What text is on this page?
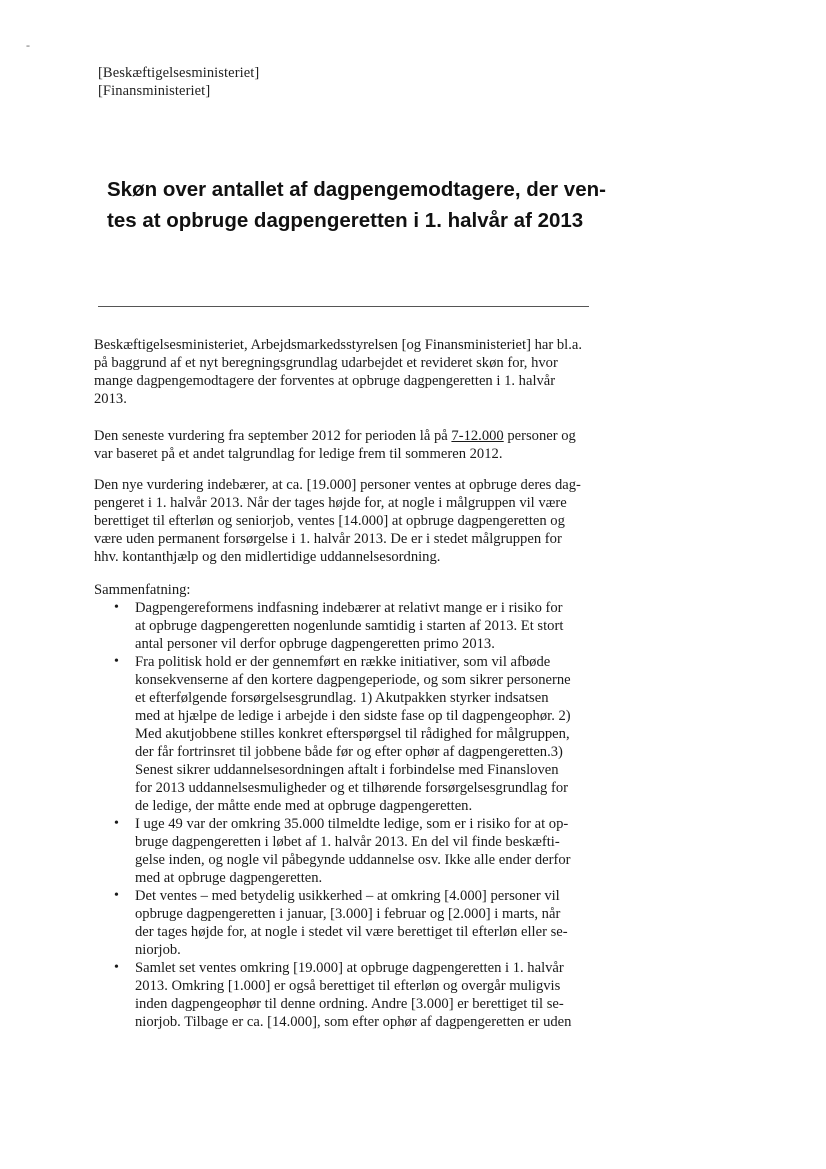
-
[Beskæftigelsesministeriet]
[Finansministeriet]
Skøn over antallet af dagpengemodtagere, der ven-
tes at opbruge dagpengeretten i 1. halvår af 2013
Beskæftigelsesministeriet, Arbejdsmarkedsstyrelsen [og Finansministeriet] har bl.a.
på baggrund af et nyt beregningsgrundlag udarbejdet et revideret skøn for, hvor
mange dagpengemodtagere der forventes at opbruge dagpengeretten i 1. halvår
2013.
Den seneste vurdering fra september 2012 for perioden lå på 7-12.000 personer og
var baseret på et andet talgrundlag for ledige frem til sommeren 2012.
Den nye vurdering indebærer, at ca. [19.000] personer ventes at opbruge deres dag-
pengeret i 1. halvår 2013. Når der tages højde for, at nogle i målgruppen vil være
berettiget til efterløn og seniorjob, ventes [14.000] at opbruge dagpengeretten og
være uden permanent forsørgelse i 1. halvår 2013. De er i stedet målgruppen for
hhv. kontanthjælp og den midlertidige uddannelsesordning.
Sammenfatning:
• Dagpengereformens indfasning indebærer at relativt mange er i risiko for
at opbruge dagpengeretten nogenlunde samtidig i starten af 2013. Et stort
antal personer vil derfor opbruge dagpengeretten primo 2013.
• Fra politisk hold er der gennemført en række initiativer, som vil afbøde
konsekvenserne af den kortere dagpengeperiode, og som sikrer personerne
et efterfølgende forsørgelsesgrundlag. 1) Akutpakken styrker indsatsen
med at hjælpe de ledige i arbejde i den sidste fase op til dagpengeophør. 2)
Med akutjobbene stilles konkret efterspørgsel til rådighed for målgruppen,
der får fortrinsret til jobbene både før og efter ophør af dagpengeretten.3)
Senest sikrer uddannelsesordningen aftalt i forbindelse med Finansloven
for 2013 uddannelsesmuligheder og et tilhørende forsørgelsesgrundlag for
de ledige, der måtte ende med at opbruge dagpengeretten.
• I uge 49 var der omkring 35.000 tilmeldte ledige, som er i risiko for at op-
bruge dagpengeretten i løbet af 1. halvår 2013. En del vil finde beskæfti-
gelse inden, og nogle vil påbegynde uddannelse osv. Ikke alle ender derfor
med at opbruge dagpengeretten.
• Det ventes – med betydelig usikkerhed – at omkring [4.000] personer vil
opbruge dagpengeretten i januar, [3.000] i februar og [2.000] i marts, når
der tages højde for, at nogle i stedet vil være berettiget til efterløn eller se-
niorjob.
• Samlet set ventes omkring [19.000] at opbruge dagpengeretten i 1. halvår
2013. Omkring [1.000] er også berettiget til efterløn og overgår muligvis
inden dagpengeophør til denne ordning. Andre [3.000] er berettiget til se-
niorjob. Tilbage er ca. [14.000], som efter ophør af dagpengeretten er uden
